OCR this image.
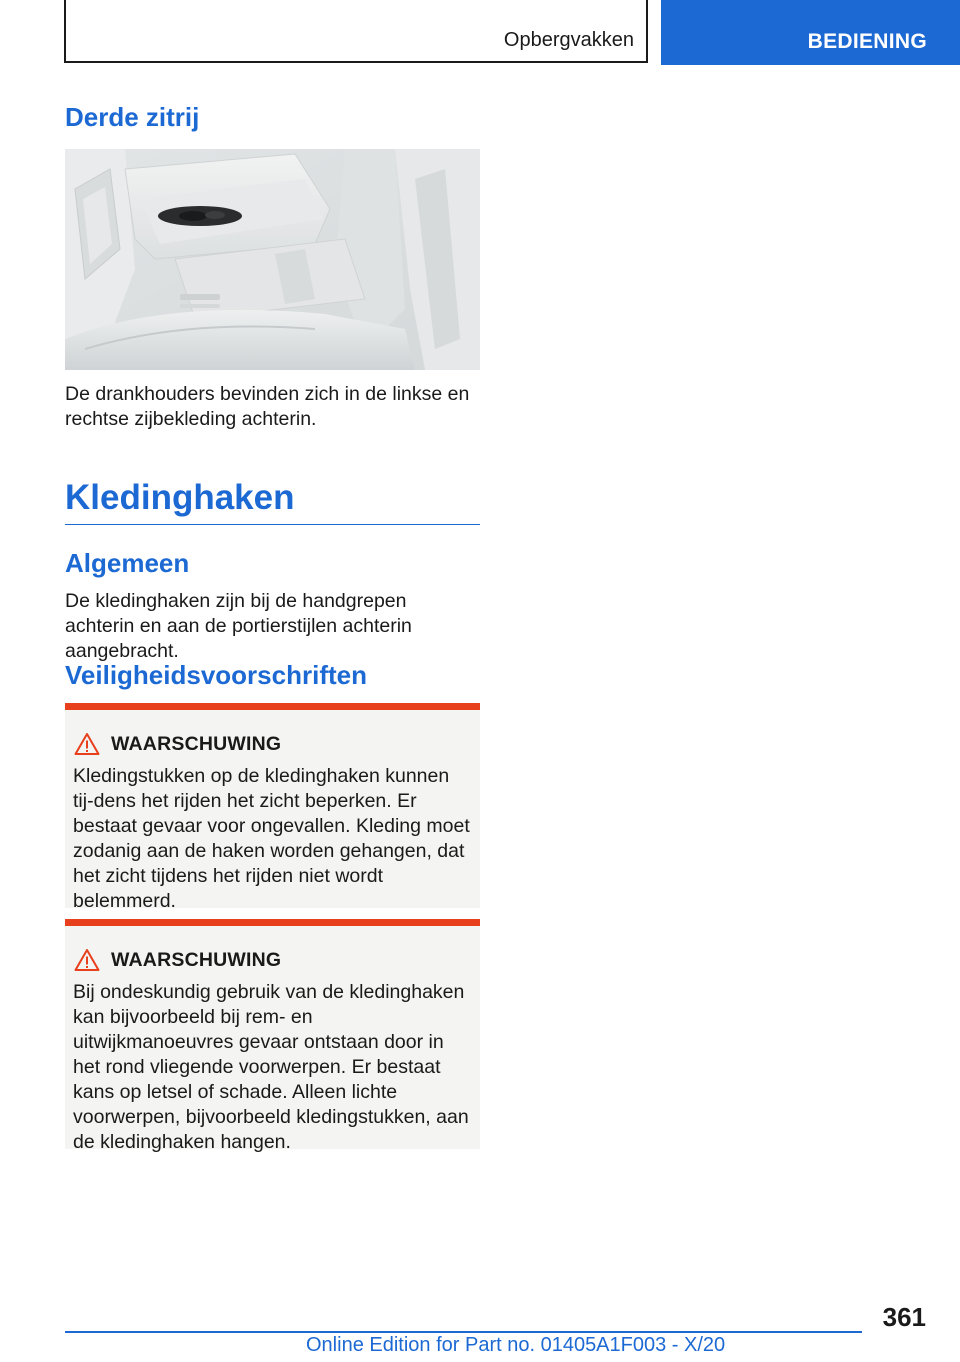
Opbergvakken	BEDIENING
Derde zitrij

De drankhouders bevinden zich in de linkse en rechtse zijbekleding achterin.

Kledinghaken
Algemeen

De kledinghaken zijn bij de handgrepen achterin en aan de portierstijlen achterin aangebracht.

Veiligheidsvoorschriften
WAARSCHUWING

Kledingstukken op de kledinghaken kunnen tij-dens het rijden het zicht beperken. Er bestaat gevaar voor ongevallen. Kleding moet zodanig aan de haken worden gehangen, dat het zicht tijdens het rijden niet wordt belemmerd.

WAARSCHUWING

Bij ondeskundig gebruik van de kledinghaken kan bijvoorbeeld bij rem- en uitwijkmanoeuvres gevaar ontstaan door in het rond vliegende voorwerpen. Er bestaat kans op letsel of schade. Alleen lichte voorwerpen, bijvoorbeeld kledingstukken, aan de kledinghaken hangen.

361
Online Edition for Part no. 01405A1F003 - X/20
